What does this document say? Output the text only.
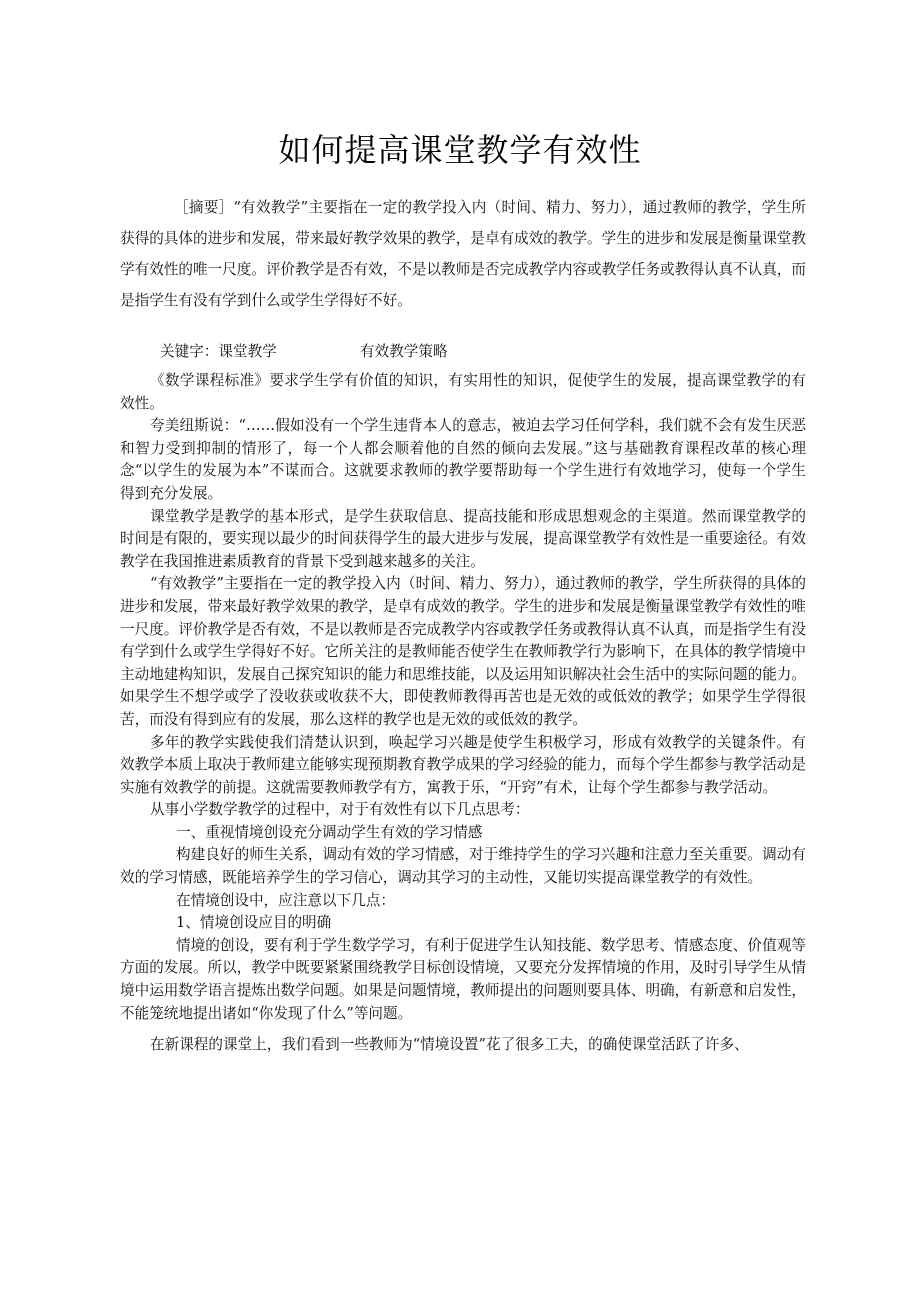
如何提高课堂教学有效性
［摘要］“有效教学”主要指在一定的教学投入内（时间、精力、努力），通过教师的教学，学生所获得的具体的进步和发展，带来最好教学效果的教学，是卓有成效的教学。学生的进步和发展是衡量课堂教学有效性的唯一尺度。评价教学是否有效，不是以教师是否完成教学内容或教学任务或教得认真不认真，而是指学生有没有学到什么或学生学得好不好。
关键字：课堂教学	有效教学策略

《数学课程标准》要求学生学有价值的知识，有实用性的知识，促使学生的发展，提高课堂教学的有效性。

夸美纽斯说：“……假如没有一个学生违背本人的意志，被迫去学习任何学科，我们就不会有发生厌恶和智力受到抑制的情形了，每一个人都会顺着他的自然的倾向去发展。”这与基础教育课程改革的核心理念“以学生的发展为本”不谋而合。这就要求教师的教学要帮助每一个学生进行有效地学习，使每一个学生得到充分发展。

课堂教学是教学的基本形式，是学生获取信息、提高技能和形成思想观念的主渠道。然而课堂教学的时间是有限的，要实现以最少的时间获得学生的最大进步与发展，提高课堂教学有效性是一重要途径。有效教学在我国推进素质教育的背景下受到越来越多的关注。

“有效教学”主要指在一定的教学投入内（时间、精力、努力），通过教师的教学，学生所获得的具体的进步和发展，带来最好教学效果的教学，是卓有成效的教学。学生的进步和发展是衡量课堂教学有效性的唯一尺度。评价教学是否有效，不是以教师是否完成教学内容或教学任务或教得认真不认真，而是指学生有没有学到什么或学生学得好不好。它所关注的是教师能否使学生在教师教学行为影响下，在具体的教学情境中主动地建构知识，发展自己探究知识的能力和思维技能，以及运用知识解决社会生活中的实际问题的能力。如果学生不想学或学了没收获或收获不大，即使教师教得再苦也是无效的或低效的教学；如果学生学得很苦，而没有得到应有的发展，那么这样的教学也是无效的或低效的教学。

多年的教学实践使我们清楚认识到，唤起学习兴趣是使学生积极学习，形成有效教学的关键条件。有效教学本质上取决于教师建立能够实现预期教育教学成果的学习经验的能力，而每个学生都参与教学活动是实施有效教学的前提。这就需要教师教学有方，寓教于乐，“开窍”有术，让每个学生都参与教学活动。

从事小学数学教学的过程中，对于有效性有以下几点思考：

一、重视情境创设充分调动学生有效的学习情感

构建良好的师生关系，调动有效的学习情感，对于维持学生的学习兴趣和注意力至关重要。调动有效的学习情感，既能培养学生的学习信心，调动其学习的主动性，又能切实提高课堂教学的有效性。

在情境创设中，应注意以下几点：

1、情境创设应目的明确

情境的创设，要有利于学生数学学习，有利于促进学生认知技能、数学思考、情感态度、价值观等方面的发展。所以，教学中既要紧紧围绕教学目标创设情境，又要充分发挥情境的作用，及时引导学生从情境中运用数学语言提炼出数学问题。如果是问题情境，教师提出的问题则要具体、明确，有新意和启发性，不能笼统地提出诸如“你发现了什么”等问题。

在新课程的课堂上，我们看到一些教师为“情境设置”花了很多工夫，的确使课堂活跃了许多、
